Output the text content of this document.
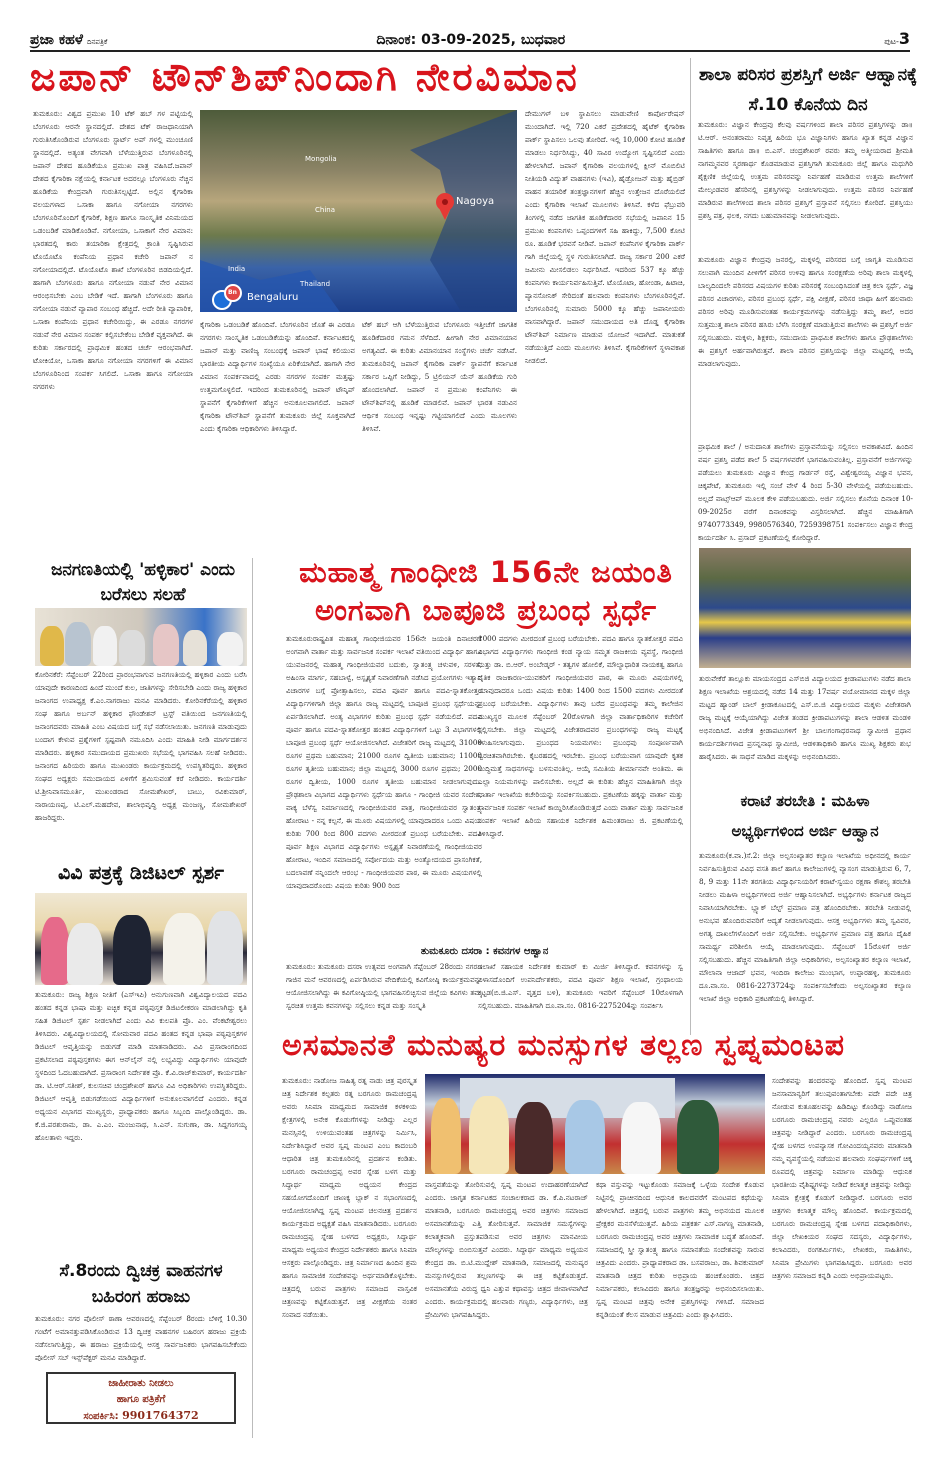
ಪ್ರಜಾ ಕಹಳೆ ದಿನಪತ್ರಿಕೆ	ದಿನಾಂಕ: 03-09-2025, ಬುಧವಾರ	ಪುಟ-3
ಜಪಾನ್ ಟೌನ್‌ಶಿಪ್‌ನಿಂದಾಗಿ ನೇರವಿಮಾನ	ಶಾಲಾ ಪರಿಸರ ಪ್ರಶಸ್ತಿಗೆ ಅರ್ಜಿ ಆಹ್ವಾನಕ್ಕೆ ಸೆ.10 ಕೊನೆಯ ದಿನ
ತುಮಕೂರು: ವಿಶ್ವದ ಪ್ರಮುಖ 10 ಟೆಕ್ ಹಬ್ ಗಳ ಪಟ್ಟಿಯಲ್ಲಿ ಬೆಂಗಳೂರು ಆರನೇ ಸ್ಥಾನದಲ್ಲಿದೆ. ದೇಶದ ಟೆಕ್ ರಾಜಧಾನಿಯಾಗಿ ಗುರುತಿಸಿಕೊಂಡಿರುವ ಬೆಂಗಳೂರು ಸ್ಟಾರ್ಟ್ ಅಪ್ ಗಳಲ್ಲಿ ಮುಂಚೂಣಿ ಸ್ಥಾನದಲ್ಲಿದೆ. ಅತ್ಯಂತ ವೇಗವಾಗಿ ಬೆಳೆಯುತ್ತಿರುವ ಬೆಂಗಳೂರಿನಲ್ಲಿ ಜಪಾನ್ ದೇಶದ ಹೂಡಿಕೆಯೂ ಪ್ರಮುಖ ಪಾತ್ರ ವಹಿಸಿದೆ.ಜಪಾನ್ ದೇಶದ ಕೈಗಾರಿಕಾ ನಕ್ಷೆಯಲ್ಲಿ ಕರ್ನಾಟಕ ಅದರಲ್ಲೂ ಬೆಂಗಳೂರು ನೆಚ್ಚಿನ ಹೂಡಿಕೆಯ ಕೇಂದ್ರವಾಗಿ ಗುರುತಿಸಲ್ಪಟ್ಟಿದೆ. ಅಲ್ಲಿನ ಕೈಗಾರಿಕಾ ವಲಯಗಳಾದ ಒಸಾಕಾ ಹಾಗೂ ನಗೋಯಾ ನಗರಗಳು ಬೆಂಗಳೂರಿನೊಂದಿಗೆ ಕೈಗಾರಿಕೆ, ಶಿಕ್ಷಣ ಹಾಗೂ ಸಾಂಸ್ಕೃತಿಕ ವಿನಿಮಯದ ಒಡಂಬಡಿಕೆ ಮಾಡಿಕೊಂಡಿವೆ. ನಗೋಯಾ, ಒಸಾಕಾಗೆ ನೇರ ವಿಮಾನ: ಭಾರತದಲ್ಲಿ ಕಾರು ತಯಾರಿಕಾ ಕ್ಷೇತ್ರದಲ್ಲಿ ಕ್ರಾಂತಿ ಸೃಷ್ಟಿಸಿರುವ ಟೊಯೊಟೊ ಕಂಪೆನಿಯ ಪ್ರಧಾನ ಕಚೇರಿ ಜಪಾನ್ ನ ನಗೋಯಾದಲ್ಲಿದೆ. ಟೊಯೊಟೊ ಶಾಖೆ ಬೆಂಗಳೂರಿನ ಬಿಡದಿಯಲ್ಲಿದೆ. ಹಾಗಾಗಿ ಬೆಂಗಳೂರು ಹಾಗೂ ನಗೋಯಾ ನಡುವೆ ನೇರ ವಿಮಾನ ಆರಂಭಿಸಬೇಕು ಎಂಬ ಬೇಡಿಕೆ ಇದೆ. ಹಾಗಾಗಿ ಬೆಂಗಳೂರು ಹಾಗೂ ನಗೋಯಾ ನಡುವೆ ವ್ಯಾಪಾರ ಸಂಬಂಧ ಹೆಚ್ಚಿದೆ. ಅದೇ ರೀತಿ ವ್ಯಾಪಾರಿಕ, ಒಸಾಕಾ ಕಂಪೆನಿಯ ಪ್ರಧಾನ ಕಚೇರಿಯಿದ್ದು, ಈ ಎರಡೂ ನಗರಗಳ ನಡುವೆ ನೇರ ವಿಮಾನ ಸಂಪರ್ಕ ಕಲ್ಪಿಸಬೇಕೆಂಬ ಬೇಡಿಕೆ ವ್ಯಕ್ತವಾಗಿದೆ. ಈ ಕುರಿತು ಸರ್ಕಾರದಲ್ಲಿ ಪ್ರಾಥಮಿಕ ಹಂತದ ಚರ್ಚೆ ಆರಂಭವಾಗಿದೆ. ಟೋಕಿಯೋ, ಒಸಾಕಾ ಹಾಗೂ ನಗೋಯಾ ನಗರಗಳಿಗೆ ಈ ವಿಮಾನ ಬೆಂಗಳೂರಿನಿಂದ ಸಂಪರ್ಕ ಸಿಗಲಿದೆ. ಒಸಾಕಾ ಹಾಗೂ ನಗೋಯಾ ನಗರಗಳು
Mongolia
China
India
Thailand
Bn Bengaluru
Nagoya
ಕೈಗಾರಿಕಾ ಒಡಂಬಡಿಕೆ ಹೊಂದಿವೆ. ಬೆಂಗಳೂರಿನ ಜೊತೆ ಈ ಎರಡೂ ನಗರಗಳು ಸಾಂಸ್ಕೃತಿಕ ಒಡಂಬಡಿಕೆಯನ್ನು ಹೊಂದಿವೆ. ಕರ್ನಾಟಕದಲ್ಲಿ ಜಪಾನ್ ಮತ್ತು ವಾಣಿಜ್ಯ ಸಂಬಂಧಕ್ಕೆ ಜಪಾನ್ ಭಾಷೆ ಕಲಿಯುವ ಭಾರತೀಯ ವಿದ್ಯಾರ್ಥಿಗಳ ಸಂಖ್ಯೆಯೂ ಏರಿಕೆಯಾಗಿದೆ. ಹಾಗಾಗಿ ನೇರ ವಿಮಾನ ಸಂಪರ್ಕವಾದಲ್ಲಿ ಎರಡು ನಗರಗಳ ಸಂಪರ್ಕ ಮತ್ತಷ್ಟು ಉತ್ತಮಗೊಳ್ಳಲಿದೆ. ಇದರಿಂದ ತುಮಕೂರಿನಲ್ಲಿ ಜಪಾನ್ ಟೌನ್ಶಿಪ್ ಸ್ಥಾಪನೆಗೆ ಕೈಗಾರಿಕೆಗಳಿಗೆ ಹೆಚ್ಚಿನ ಅನುಕೂಲವಾಗಲಿದೆ. ಜಪಾನ್ ಕೈಗಾರಿಕಾ ಟೌನ್‌ಶಿಪ್ ಸ್ಥಾಪನೆಗೆ ತುಮಕೂರು ಜಿಲ್ಲೆ ಸೂಕ್ತವಾಗಿದೆ ಎಂದು ಕೈಗಾರಿಕಾ ಆಧಿಕಾರಿಗಳು ತಿಳಿಸಿದ್ದಾರೆ.
ಟೆಕ್ ಹಬ್ ಆಗಿ ಬೆಳೆಯುತ್ತಿರುವ ಬೆಂಗಳೂರು ಇತ್ತೀಚೆಗೆ ಜಾಗತಿಕ ಹೂಡಿಕೆದಾರರ ಗಮನ ಸೆಳೆದಿದೆ. ಹೀಗಾಗಿ ನೇರ ವಿಮಾನಯಾನ ಅಗತ್ಯವಿದೆ. ಈ ಕುರಿತು ವಿಮಾನಯಾನ ಸಂಸ್ಥೆಗಳು ಚರ್ಚೆ ನಡೆಸಿವೆ. ತುಮಕೂರಿನಲ್ಲಿ ಜಪಾನ್ ಕೈಗಾರಿಕಾ ಪಾರ್ಕ್ ಸ್ಥಾಪನೆಗೆ ಕರ್ನಾಟಕ ಸರ್ಕಾರ ಒಪ್ಪಿಗೆ ನೀಡಿದ್ದು, 5 ಟ್ರಿಲಿಯನ್ ಯೆನ್ ಹೂಡಿಕೆಯ ಗುರಿ ಹೊಂದಲಾಗಿದೆ. ಜಪಾನ್ ನ ಪ್ರಮುಖ ಕಂಪೆನಿಗಳು ಈ ಟೌನ್‌ಶಿಪ್‌ನಲ್ಲಿ ಹೂಡಿಕೆ ಮಾಡಲಿವೆ. ಜಪಾನ್ ಭಾರತ ನಡುವಿನ ಆರ್ಥಿಕ ಸಂಬಂಧ ಇನ್ನಷ್ಟು ಗಟ್ಟಿಯಾಗಲಿದೆ ಎಂದು ಮೂಲಗಳು ತಿಳಿಸಿವೆ.
ದೇಮುಗಳ್ ಬಳಿ ಸ್ಥಾಪಿಸಲು ಮಾಡುವೇಣಿ ಕಾರ್ಪೋರೇಷನ್ ಮುಂದಾಗಿದೆ. ಇಲ್ಲಿ 720 ಎಕರೆ ಪ್ರದೇಶದಲ್ಲಿ ಹೈಟೆಕ್ ಕೈಗಾರಿಕಾ ಪಾರ್ಕ್ ಸ್ಥಾಪಿಸಲು ಒಲವು ತೋರಿದೆ. ಇಲ್ಲಿ 10,000 ಕೋಟಿ ಹೂಡಿಕೆ ಮಾಡಲು ನಿರ್ಧರಿಸಿದ್ದು, 40 ಸಾವಿರ ಉದ್ಯೋಗ ಸೃಷ್ಟಿಸಲಿದೆ ಎಂದು ಹೇಳಲಾಗಿದೆ. ಜಪಾನ್ ಕೈಗಾರಿಕಾ ವಲಯಗಳಲ್ಲಿ ಕ್ಲೀನ್ ಮೊಬಿಲಿಟಿ ನೀತಿಯಡಿ ವಿದ್ಯುತ್ ವಾಹನಗಳು (ಇವಿ), ಹೈಡ್ರೋಜನ್ ಮತ್ತು ಹೈಬ್ರಿಡ್ ವಾಹನ ತಯಾರಿಕೆ ತಂತ್ರಜ್ಞಾನಗಳಿಗೆ ಹೆಚ್ಚಿನ ಉತ್ತೇಜನ ದೊರೆಯಲಿದೆ ಎಂದು ಕೈಗಾರಿಕಾ ಇಲಾಖೆ ಮೂಲಗಳು ತಿಳಿಸಿವೆ. ಕಳೆದ ಫೆಬ್ರುವರಿ ತಿಂಗಳಲ್ಲಿ ನಡೆದ ಜಾಗತಿಕ ಹೂಡಿಕೆದಾರರ ಸಭೆಯಲ್ಲಿ ಜಪಾನಿನ 15 ಪ್ರಮುಖ ಕಂಪನಿಗಳು ಒಪ್ಪಂದಗಳಿಗೆ ಸಹಿ ಹಾಕಿದ್ದು, 7,500 ಕೋಟಿ ರೂ. ಹೂಡಿಕೆ ಭರವಸೆ ನೀಡಿವೆ. ಜಪಾನ್ ಕಂಪೆನಿಗಳ ಕೈಗಾರಿಕಾ ಪಾರ್ಕ್ ಗಾಗಿ ಜಿಲ್ಲೆಯಲ್ಲಿ ಸ್ಥಳ ಗುರುತಿಸಲಾಗಿದೆ. ರಾಜ್ಯ ಸರ್ಕಾರ 200 ಎಕರೆ ಜಮೀನು ಮೀಸಲಿಡಲು ನಿರ್ಧರಿಸಿದೆ. ಇದರಿಂದ 537 ಕ್ಕೂ ಹೆಚ್ಚು ಕಂಪನಿಗಳು ಕಾರ್ಯನಿರ್ವಹಿಸುತ್ತಿವೆ. ಟೊಯೊಟಾ, ಹೋಂಡಾ, ಹಿಟಾಚಿ, ಪ್ಯಾನಸೋನಿಕ್ ಸೇರಿದಂತೆ ಹಲವಾರು ಕಂಪನಿಗಳು ಬೆಂಗಳೂರಿನಲ್ಲಿವೆ. ಬೆಂಗಳೂರಿನಲ್ಲಿ ಸುಮಾರು 5000 ಕ್ಕೂ ಹೆಚ್ಚು ಜಪಾನೀಯರು ವಾಸವಾಗಿದ್ದಾರೆ. ಜಪಾನ್ ಸಮುದಾಯದ ಅತಿ ದೊಡ್ಡ ಕೈಗಾರಿಕಾ ಟೌನ್‌ಶಿಪ್ ನಿರ್ಮಾಣ ಮಾಡುವ ಯೋಜನೆ ಇದಾಗಿದೆ. ಮಾತುಕತೆ ನಡೆಯುತ್ತಿದೆ ಎಂದು ಮೂಲಗಳು ತಿಳಿಸಿವೆ. ಕೈಗಾರಿಕೆಗಳಿಗೆ ಸ್ಥಳಾವಕಾಶ ನೀಡಲಿದೆ.
ತುಮಕೂರು: ವಿಜ್ಞಾನ ಕೇಂದ್ರವು ಕೆಲವು ವರ್ಷಗಳಿಂದ ಶಾಲಾ ಪರಿಸರ ಪ್ರಶಸ್ತಿಗಳನ್ನು ಡಾ॥ ಟಿ.ಆರ್. ಅನಂತರಾಮು ನಿವೃತ್ತ ಹಿರಿಯ ಭೂ ವಿಜ್ಞಾನಿಗಳು ಹಾಗೂ ಖ್ಯಾತ ಕನ್ನಡ ವಿಜ್ಞಾನ ಸಾಹಿತಿಗಳು ಹಾಗೂ ಡಾ॥ ಬಿ.ಎಸ್. ಚಂದ್ರಶೇಖರ್ ರವರು ತಮ್ಮ ಅತ್ಮೀಯರಾದ ಶ್ರೀಮತಿ ನಾಗಮ್ಮನವರ ಸ್ಮರಣಾರ್ಥ ಕೊಡಮಾಡುವ ಪ್ರಶಸ್ತಿಗಾಗಿ ತುಮಕೂರು ಜಿಲ್ಲೆ ಹಾಗೂ ಮಧುಗಿರಿ ಶೈಕ್ಷಣಿಕ ಜಿಲ್ಲೆಯಲ್ಲಿ ಉತ್ತಮ ಪರಿಸರವನ್ನು ನಿರ್ವಹಣೆ ಮಾಡಿರುವ ಉತ್ತಮ ಶಾಲೆಗಳಿಗೆ ಮೇಲ್ಕಂಡವರ ಹೆಸರಿನಲ್ಲಿ ಪ್ರಶಸ್ತಿಗಳನ್ನು ನೀಡಲಾಗುವುದು. ಉತ್ತಮ ಪರಿಸರ ನಿರ್ವಹಣೆ ಮಾಡಿರುವ ಶಾಲೆಗಳಿಂದ ಶಾಲಾ ಪರಿಸರ ಪ್ರಶಸ್ತಿಗೆ ಪ್ರಸ್ತಾವನೆ ಸಲ್ಲಿಸಲು ಕೋರಿದೆ. ಪ್ರಶಸ್ತಿಯು ಪ್ರಶಸ್ತಿ ಪತ್ರ, ಫಲಕ, ನಗದು ಬಹುಮಾನವನ್ನು ನೀಡಲಾಗುವುದು.
ತುಮಕೂರು ವಿಜ್ಞಾನ ಕೇಂದ್ರವು ಜನರಲ್ಲಿ, ಮಕ್ಕಳಲ್ಲಿ ಪರಿಸರದ ಬಗ್ಗೆ ಜಾಗೃತಿ ಮೂಡಿಸುವ ಸಲುವಾಗಿ ಮುಂದಿನ ಪೀಳಿಗೆಗೆ ಪರಿಸರ ಉಳಿವು ಹಾಗೂ ಸಂರಕ್ಷಣೆಯ ಅರಿವು ಶಾಲಾ ಮಕ್ಕಳಲ್ಲಿ ಬಾಲ್ಯದಿಂದಲೇ ಪರಿಸರದ ವಿಷಯಗಳ ಕುರಿತು ಪರಿಸರಕ್ಕೆ ಸಂಬಂಧಿಸಿದಂತೆ ಚಿತ್ರ ಕಲಾ ಸ್ಪರ್ಧೆ, ವಿಜ್ಞ ಪರಿಸರ ವಿಚಾರಗಳು, ಪರಿಸರ ಪ್ರಬಂಧ ಸ್ಪರ್ಧೆ, ಪಕ್ಷಿ ವೀಕ್ಷಣೆ, ಪರಿಸರ ಜಾಥಾ ಹೀಗೆ ಹಲವಾರು ಪರಿಸರ ಅರಿವು ಮೂಡಿಸುವಂತಹ ಕಾರ್ಯಕ್ರಮಗಳನ್ನು ನಡೆಸುತ್ತಿದ್ದು ತಮ್ಮ ಶಾಲೆ, ಅದರ ಸುತ್ತಮುತ್ತ ಶಾಲಾ ಪರಿಸರ ಹಸಿರು ಬೆಳೆಸಿ ಸಂರಕ್ಷಣೆ ಮಾಡುತ್ತಿರುವ ಶಾಲೆಗಳು ಈ ಪ್ರಶಸ್ತಿಗೆ ಅರ್ಜಿ ಸಲ್ಲಿಸಬಹುದು. ಮಕ್ಕಳು, ಶಿಕ್ಷಕರು, ಸಮುದಾಯ ಪ್ರಾಥಮಿಕ ಶಾಲೆಗಳು ಹಾಗೂ ಪ್ರೌಢಶಾಲೆಗಳು ಈ ಪ್ರಶಸ್ತಿಗೆ ಅರ್ಹವಾಗಿರುತ್ತವೆ. ಶಾಲಾ ಪರಿಸರ ಪ್ರಶಸ್ತಿಯನ್ನು ಜಿಲ್ಲಾ ಮಟ್ಟದಲ್ಲಿ ಆಯ್ಕೆ ಮಾಡಲಾಗುವುದು.
ಪ್ರಾಥಮಿಕ ಶಾಲೆ / ಅನುದಾನಿತ ಶಾಲೆಗಳು ಪ್ರಸ್ತಾವನೆಯನ್ನು ಸಲ್ಲಿಸಲು ಅವಕಾಶವಿದೆ. ಹಿಂದಿನ ವರ್ಷ ಪ್ರಶಸ್ತಿ ಪಡೆದ ಶಾಲೆ 5 ವರ್ಷಗಳವರೆಗೆ ಭಾಗವಹಿಸುವಂತಿಲ್ಲ. ಪ್ರಸ್ತಾವನೆಗೆ ಅರ್ಜಿಗಳನ್ನು ಪಡೆಯಲು ತುಮಕೂರು ವಿಜ್ಞಾನ ಕೇಂದ್ರ ಗಾರ್ಡನ್ ರಸ್ತೆ, ವಿಶ್ವೇಶ್ವರಯ್ಯ ವಿಜ್ಞಾನ ಭವನ, ಚಿಕ್ಕಪೇಟೆ, ತುಮಕೂರು ಇಲ್ಲಿ ಸಂಜೆ ವೇಳೆ 4 ರಿಂದ 5-30 ವೇಳೆಯಲ್ಲಿ ಪಡೆಯಬಹುದು. ಅಲ್ಲದೆ ವಾಟ್ಸ್‌ಆಪ್ ಮೂಲಕ ಕೇಳಿ ಪಡೆಯಬಹುದು. ಅರ್ಜಿ ಸಲ್ಲಿಸಲು ಕೊನೆಯ ದಿನಾಂಕ 10-09-2025ರ ವರೆಗೆ ದಿನಾಂಕವನ್ನು ವಿಸ್ತರಿಸಲಾಗಿದೆ. ಹೆಚ್ಚಿನ ಮಾಹಿತಿಗಾಗಿ 9740773349, 9980576340, 7259398751 ಸಂಪರ್ಕಿಸಲು ವಿಜ್ಞಾನ ಕೇಂದ್ರ ಕಾರ್ಯದರ್ಶಿ ಸಿ. ಪ್ರಸಾದ್ ಪ್ರಕಟಣೆಯಲ್ಲಿ ಕೋರಿದ್ದಾರೆ.
ಜನಗಣತಿಯಲ್ಲಿ 'ಹಳ್ಳಿಕಾರ' ಎಂದು ಬರೆಸಲು ಸಲಹೆ
ಕೋರಿನಕೆರೆ: ಸೆಪ್ಟೆಂಬರ್ 22ರಿಂದ ಪ್ರಾರಂಭವಾಗುವ ಜನಗಣತಿಯಲ್ಲಿ ಹಳ್ಳಿಕಾರ ಎಂದು ಬರೆಸಿ ಯಾವುದೇ ಕಾರಣದಿಂದ ಹಿಂದೆ ಮುಂದೆ ಕುಲ, ಜಾತಿಗಳನ್ನು ಸೇರಿಸಬೇಡಿ ಎಂದು ರಾಜ್ಯ ಹಳ್ಳಿಕಾರ ಜನಾಂಗದ ಉಪಾಧ್ಯಕ್ಷ ಕೆ.ಎಂ.ನಾಗರಾಜು ಮನವಿ ಮಾಡಿದರು. ಕೋರಿನಕೆರೆಯಲ್ಲಿ ಹಳ್ಳಿಕಾರ ಸಂಘ ಹಾಗೂ ಅರ್ಬನ್ ಹಳ್ಳಿಕಾರ ಫೌಂಡೇಶನ್ ಟ್ರಸ್ಟ್ ವತಿಯಿಂದ ಜನಗಣತಿಯಲ್ಲಿ ಜನಾಂಗದವರು ಮಾಹಿತಿ ಎಂಬ ವಿಷಯದ ಬಗ್ಗೆ ಸಭೆ ನಡೆಸಲಾಯಿತು. ಜನಗಣತಿ ಮಾಡುವುದು ಬಂದಾಗ ಕೇಳುವ ಪ್ರಶ್ನೆಗಳಿಗೆ ಸ್ಪಷ್ಟವಾಗಿ ನಮೂದಿಸಿ ಎಂದು ಮಾಹಿತಿ ನೀಡಿ ಮಾರ್ಗದರ್ಶನ ಮಾಡಿದರು. ಹಳ್ಳಿಕಾರ ಸಮುದಾಯದ ಪ್ರಮುಖರು ಸಭೆಯಲ್ಲಿ ಭಾಗವಹಿಸಿ ಸಲಹೆ ನೀಡಿದರು. ಜನಾಂಗದ ಹಿರಿಯರು ಹಾಗೂ ಮುಖಂಡರು ಕಾರ್ಯಕ್ರಮದಲ್ಲಿ ಉಪಸ್ಥಿತರಿದ್ದರು. ಹಳ್ಳಿಕಾರ ಸಂಘದ ಅಧ್ಯಕ್ಷರು ಸಮುದಾಯದ ಏಳಿಗೆಗೆ ಶ್ರಮಿಸುವಂತೆ ಕರೆ ನೀಡಿದರು. ಕಾರ್ಯದರ್ಶಿ ಟಿ.ಶ್ರೀನಿವಾಸಮೂರ್ತಿ, ಮುಖಂಡರಾದ ಸೋಮಶೇಖರ್, ಬಾಬು, ರವಿಕುಮಾರ್, ನಾರಾಯಣಪ್ಪ, ಟಿ.ಎಲ್.ಮಹದೇವ, ಶಾಲಾಭಿವೃದ್ಧಿ ಅಧ್ಯಕ್ಷ ಮಂಜಣ್ಣ, ಸೋಮಶೇಖರ್ ಹಾಜರಿದ್ದರು.
ವಿವಿ ಪತ್ರಕ್ಕೆ ಡಿಜಿಟಲ್ ಸ್ಪರ್ಶ
ತುಮಕೂರು: ರಾಜ್ಯ ಶಿಕ್ಷಣ ನೀತಿಗೆ (ಎಸ್‌ಇಪಿ) ಅನುಗುಣವಾಗಿ ವಿಶ್ವವಿದ್ಯಾಲಯದ ಪದವಿ ಹಂತದ ಕನ್ನಡ ಭಾಷಾ ಮತ್ತು ಐಚ್ಛಿಕ ಕನ್ನಡ ಪಠ್ಯಪುಸ್ತಕ ಡಿಜಿಟಲೀಕರಣ ಮಾಡಲಾಗಿದ್ದು ಕೃತಿ ಸಹಿತ ಡಿಜಿಟಲ್ ಸ್ಪರ್ಶ ನೀಡಲಾಗಿದೆ ಎಂದು ವಿವಿ ಕುಲಪತಿ ಪ್ರೊ. ಎಂ. ವೆಂಕಟೇಶ್ವರಲು ತಿಳಿಸಿದರು. ವಿಶ್ವವಿದ್ಯಾಲಯದಲ್ಲಿ ಸೋಮವಾರ ಪದವಿ ಹಂತದ ಕನ್ನಡ ಭಾಷಾ ಪಠ್ಯಪುಸ್ತಕಗಳ ಡಿಜಿಟಲ್ ಆವೃತ್ತಿಯನ್ನು ಬಿಡುಗಡೆ ಮಾಡಿ ಮಾತನಾಡಿದರು. ವಿವಿ ಪ್ರಸಾರಾಂಗದಿಂದ ಪ್ರಕಟಿಸಲಾದ ಪಠ್ಯಪುಸ್ತಕಗಳು ಈಗ ಆನ್‌ಲೈನ್ ನಲ್ಲಿ ಲಭ್ಯವಿದ್ದು ವಿದ್ಯಾರ್ಥಿಗಳು ಯಾವುದೇ ಸ್ಥಳದಿಂದ ಓದಬಹುದಾಗಿದೆ. ಪ್ರಸಾರಾಂಗ ನಿರ್ದೇಶಕ ಪ್ರೊ. ಕೆ.ವಿ.ರಾಜ್‌ಕುಮಾರ್, ಕಾರ್ಯದರ್ಶಿ ಡಾ. ಟಿ.ಆರ್.ಸತೀಶ್, ಕುಲಸಚಿವ ಚಂದ್ರಶೇಖರ್ ಹಾಗೂ ವಿವಿ ಅಧಿಕಾರಿಗಳು ಉಪಸ್ಥಿತರಿದ್ದರು. ಡಿಜಿಟಲ್ ಆವೃತ್ತಿ ಬಿಡುಗಡೆಯಿಂದ ವಿದ್ಯಾರ್ಥಿಗಳಿಗೆ ಅನುಕೂಲವಾಗಲಿದೆ ಎಂದರು. ಕನ್ನಡ ಅಧ್ಯಯನ ವಿಭಾಗದ ಮುಖ್ಯಸ್ಥರು, ಪ್ರಾಧ್ಯಾಪಕರು ಹಾಗೂ ಸಿಬ್ಬಂದಿ ಪಾಲ್ಗೊಂಡಿದ್ದರು. ಡಾ. ಕೆ.ಜಿ.ಪರಶುರಾಮ, ಡಾ. ಎ.ಎಂ. ಮಂಜುನಾಥ, ಸಿ.ಎನ್. ಸುಗುಣಾ, ಡಾ. ಸಿದ್ದಗಂಗಯ್ಯ ಹೊಲತಾಳು ಇದ್ದರು.
ಸೆ.8ರಂದು ದ್ವಿಚಕ್ರ ವಾಹನಗಳ ಬಹಿರಂಗ ಹರಾಜು
ತುಮಕೂರು: ನಗರ ಪೊಲೀಸ್ ಠಾಣಾ ಆವರಣದಲ್ಲಿ ಸೆಪ್ಟೆಂಬರ್ 8ರಂದು ಬೆಳಿಗ್ಗೆ 10.30 ಗಂಟೆಗೆ ಅಮಾನತ್ತುಪಡಿಸಿಕೊಂಡಿರುವ 13 ದ್ವಿಚಕ್ರ ವಾಹನಗಳ ಬಹಿರಂಗ ಹರಾಜು ಪ್ರಕ್ರಿಯೆ ನಡೆಸಲಾಗುತ್ತಿದ್ದು, ಈ ಹರಾಜು ಪ್ರಕ್ರಿಯೆಯಲ್ಲಿ ಆಸಕ್ತ ಸಾರ್ವಜನಿಕರು ಭಾಗವಹಿಸಬೇಕೆಂದು ಪೊಲೀಸ್ ಸಬ್ ಇನ್ಸ್‌ಪೆಕ್ಟರ್ ಮನವಿ ಮಾಡಿದ್ದಾರೆ.
ಜಾಹೀರಾತು ನೀಡಲು
ಹಾಗೂ ಪತ್ರಿಕೆಗೆ
ಸಂಪರ್ಕಿಸಿ: 9901764372
ಮಹಾತ್ಮ ಗಾಂಧೀಜಿ 156ನೇ ಜಯಂತಿ
ಅಂಗವಾಗಿ ಬಾಪೂಜಿ ಪ್ರಬಂಧ ಸ್ಪರ್ಧೆ
ತುಮಕೂರುರಾಷ್ಟ್ರಪಿತ ಮಹಾತ್ಮ ಗಾಂಧೀಜಿಯವರ 156ನೇ ಜಯಂತಿ ದಿನಾಚರಣೆ ಅಂಗವಾಗಿ ವಾರ್ತಾ ಮತ್ತು ಸಾರ್ವಜನಿಕ ಸಂಪರ್ಕ ಇಲಾಖೆ ವತಿಯಿಂದ ವಿದ್ಯಾರ್ಥಿ ಹಾಗೂ ಯುವಜನರಲ್ಲಿ ಮಹಾತ್ಮ ಗಾಂಧೀಜಿಯವರ ಬದುಕು, ಸ್ವಾತಂತ್ರ್ಯ ಚಳುವಳಿ, ಸರಳತೆ, ಅಹಿಂಸಾ ಮಾರ್ಗ, ಸಹಬಾಳ್ವೆ, ಅಸ್ಪೃಶ್ಯತೆ ನಿವಾರಣೆಗಾಗಿ ನಡೆಸಿದ ಪ್ರಯೋಗಗಳು ಇತ್ಯಾದಿ ವಿಚಾರಗಳ ಬಗ್ಗೆ ಪ್ರೋತ್ಸಾಹಿಸಲು, ಪದವಿ ಪೂರ್ವ ಹಾಗೂ ಪದವಿ-ಸ್ನಾತಕೋತ್ತರ ವಿದ್ಯಾರ್ಥಿಗಳಿಗಾಗಿ ಜಿಲ್ಲಾ ಹಾಗೂ ರಾಜ್ಯ ಮಟ್ಟದಲ್ಲಿ ಬಾಪೂಜಿ ಪ್ರಬಂಧ ಸ್ಪರ್ಧೆಯನ್ನು ಏರ್ಪಡಿಸಲಾಗಿದೆ. ಅಂತ್ಯ ವಿಭಾಗಗಳ ಕುರಿತು ಪ್ರಬಂಧ ಸ್ಪರ್ಧೆ ನಡೆಯಲಿದೆ. ಪದವಿ ಪೂರ್ವ ಹಾಗೂ ಪದವಿ-ಸ್ನಾತಕೋತ್ತರ ಹಂತದ ವಿದ್ಯಾರ್ಥಿಗಳಿಗೆ ಒಟ್ಟು 3 ವಿಭಾಗಗಳಲ್ಲಿ ಬಾಪೂಜಿ ಪ್ರಬಂಧ ಸ್ಪರ್ಧೆ ಆಯೋಜಿಸಲಾಗಿದೆ. ವಿಜೇತರಿಗೆ ರಾಜ್ಯ ಮಟ್ಟದಲ್ಲಿ 31000 ರೂಗಳ ಪ್ರಥಮ ಬಹುಮಾನ; 21000 ರೂಗಳ ದ್ವಿತೀಯ ಬಹುಮಾನ; 11000 ರೂಗಳ ತೃತೀಯ ಬಹುಮಾನ; ಜಿಲ್ಲಾ ಮಟ್ಟದಲ್ಲಿ 3000 ರೂಗಳ ಪ್ರಥಮ; 2000 ರೂಗಳ ದ್ವಿತೀಯ, 1000 ರೂಗಳ ತೃತೀಯ ಬಹುಮಾನ ನೀಡಲಾಗುವುದು. ಪ್ರೌಢಶಾಲಾ ವಿಭಾಗದ ವಿದ್ಯಾರ್ಥಿಗಳು ಸ್ಪರ್ಧೆಯ ಹಾಗೂ - ಗಾಂಧೀಜಿ ಯವರ ಸಂದೇಶ, ವಾಕ್ಯ ಬೆಳೆಸ್ವ ನಿರ್ಮಾಣದಲ್ಲಿ ಗಾಂಧೀಜಿಯವರ ಪಾತ್ರ, ಗಾಂಧೀಜಿಯವರ ಸ್ವಾತಂತ್ರ್ಯ ಹೋರಾಟ - ನನ್ನ ಕಲ್ಪನೆ, ಈ ಮೂರು ವಿಷಯಗಳಲ್ಲಿ ಯಾವುದಾದರೂ ಒಂದು ವಿಷಯ ಕುರಿತು 700 ರಿಂದ 800 ಪದಗಳು ಮೀರದಂತೆ ಪ್ರಬಂಧ ಬರೆಯಬೇಕು. ಪದವಿ ಪೂರ್ವ ಶಿಕ್ಷಣ ವಿಭಾಗದ ವಿದ್ಯಾರ್ಥಿಗಳು ಅಸ್ಪೃಶ್ಯತೆ ನಿವಾರಣೆಯಲ್ಲಿ ಗಾಂಧೀಜಿಯವರ ಹೋರಾಟ, ಇಂದಿನ ಸಮಾಜದಲ್ಲಿ ಸರ್ವೋದಯ ಮತ್ತು ಅಂತ್ಯೋದಯದ ಪ್ರಾಸಂಗಿಕತೆ, ಬದಲಾವಣೆ ನನ್ನಿಂದಲೇ ಆರಂಭ - ಗಾಂಧೀಜಿಯವರ ಪಾಠ, ಈ ಮೂರು ವಿಷಯಗಳಲ್ಲಿ ಯಾವುದಾದರೊಂದು ವಿಷಯ ಕುರಿತು 900 ರಿಂದ
1000 ಪದಗಳು ಮೀರದಂತೆ ಪ್ರಬಂಧ ಬರೆಯಬೇಕು. ಪದವಿ ಹಾಗೂ ಸ್ನಾತಕೋತ್ತರ ಪದವಿ ವಿಭಾಗದ ವಿದ್ಯಾರ್ಥಿಗಳು ಗಾಂಧೀಜಿ ಕಂಡ ನ್ಯಾಯ ಸಮ್ಮತ ರಾಜಕೀಯ ವ್ಯವಸ್ಥೆ, ಗಾಂಧೀಜಿ ಮತ್ತು ಡಾ. ಬಿ.ಆರ್. ಅಂಬೇಡ್ಕರ್ - ತತ್ವಗಳ ಹೋಲಿಕೆ, ಮೌಲ್ಯಾಧಾರಿತ ನಾಯಕತ್ವ ಹಾಗೂ ನೈತಿಕ ರಾಜಕಾರಣ-ಯುವಕರಿಗೆ ಗಾಂಧೀಜಿಯವರ ಪಾಠ, ಈ ಮೂರು ವಿಷಯಗಳಲ್ಲಿ ಯಾವುದಾದರೂ ಒಂದು ವಿಷಯ ಕುರಿತು 1400 ರಿಂದ 1500 ಪದಗಳು ಮೀರದಂತೆ ಪ್ರಬಂಧ ಬರೆಯಬೇಕು. ವಿದ್ಯಾರ್ಥಿಗಳು ತಾವು ಬರೆದ ಪ್ರಬಂಧವನ್ನು ತಮ್ಮ ಕಾಲೇಜಿನ ಮುಖ್ಯಸ್ಥರ ಮೂಲಕ ಸೆಪ್ಟೆಂಬರ್ 20ರೊಳಗಾಗಿ ಜಿಲ್ಲಾ ವಾರ್ತಾಧಿಕಾರಿಗಳ ಕಚೇರಿಗೆ ಸಲ್ಲಿಸಬೇಕು. ಜಿಲ್ಲಾ ಮಟ್ಟದಲ್ಲಿ ವಿಜೇತರಾದವರ ಪ್ರಬಂಧಗಳನ್ನು ರಾಜ್ಯ ಮಟ್ಟಕ್ಕೆ ಕಳುಹಿಸಲಾಗುವುದು. ಪ್ರಬಂಧದ ನಿಯಮಗಳು: ಪ್ರಬಂಧವು ಸಂಪೂರ್ಣವಾಗಿ ಸ್ವರಚಿತವಾಗಿರಬೇಕು. ಕೈಬರಹದಲ್ಲಿ ಇರಬೇಕು. ಪ್ರಬಂಧ ಬರೆಯುವಾಗ ಯಾವುದೇ ಕೃತಕ ಬುದ್ಧಿಮತ್ತೆ ಸಾಧನಗಳನ್ನು ಬಳಸುವಂತಿಲ್ಲ. ಆಯ್ಕೆ ಸಮಿತಿಯ ತೀರ್ಮಾನವೇ ಅಂತಿಮ. ಈ ಎಲ್ಲಾ ನಿಯಮಗಳನ್ನು ಪಾಲಿಸಬೇಕು. ಅಲ್ಲದೆ ಈ ಕುರಿತು ಹೆಚ್ಚಿನ ಮಾಹಿತಿಗಾಗಿ ಜಿಲ್ಲಾ ವಾರ್ತಾ ಇಲಾಖೆಯ ಕಚೇರಿಯನ್ನು ಸಂಪರ್ಕಿಸಬಹುದು. ಪ್ರಕಟಣೆಯ ಹಕ್ಕನ್ನು ವಾರ್ತಾ ಮತ್ತು ಸಾರ್ವಜನಿಕ ಸಂಪರ್ಕ ಇಲಾಖೆ ಕಾಯ್ದಿರಿಸಿಕೊಂಡಿರುತ್ತದೆ ಎಂದು ವಾರ್ತಾ ಮತ್ತು ಸಾರ್ವಜನಿಕ ಸಂಪರ್ಕ ಇಲಾಖೆ ಹಿರಿಯ ಸಹಾಯಕ ನಿರ್ದೇಶಕ ಹಿಮಂತರಾಜು ಜಿ. ಪ್ರಕಟಣೆಯಲ್ಲಿ ತಿಳಿಸಿದ್ದಾರೆ.
ತುಮಕೂರು ದಸರಾ : ಕವನಗಳ ಆಹ್ವಾನ
ತುಮಕೂರು: ತುಮಕೂರು ದಸರಾ ಉತ್ಸವದ ಅಂಗವಾಗಿ ಸೆಪ್ಟೆಂಬರ್ 28ರಂದು ನಗರದ ಗಾಜಿನ ಮನೆ ಆವರಣದಲ್ಲಿ ಏರ್ಪಡಿಸಿರುವ ವೇದಿಕೆಯಲ್ಲಿ ಕವಿಗೋಷ್ಠಿ ಕಾರ್ಯಕ್ರಮವನ್ನು ಆಯೋಜಿಸಲಾಗಿದ್ದು ಈ ಕವಿಗೋಷ್ಠಿಯಲ್ಲಿ ಭಾಗವಹಿಸಲಿಚ್ಛಿಸುವ ಜಿಲ್ಲೆಯ ಕವಿಗಳು ತಮ್ಮ ಸ್ವರಚಿತ ಉತ್ತಮ ಕವನಗಳನ್ನು ಸಲ್ಲಿಸಲು ಕನ್ನಡ ಮತ್ತು ಸಂಸ್ಕೃತಿ
ಇಲಾಖೆ ಸಹಾಯಕ ನಿರ್ದೇಶಕ ಕುಮಾರ್ ಕು ಮಿರ್ಜಿ ತಿಳಿಸಿದ್ದಾರೆ. ಕವನಗಳನ್ನು ಸ್ವ ವಿಳಾಸದೊಂದಿಗೆ ಉಪನಿರ್ದೇಶಕರು, ಪದವಿ ಪೂರ್ವ ಶಿಕ್ಷಣ ಇಲಾಖೆ, ಗ್ರಂಥಾಲಯ ಕಟ್ಟಡ(ಬಿ.ಜಿ.ಎಸ್. ವೃತ್ತದ ಬಳಿ), ತುಮಕೂರು ಇವರಿಗೆ ಸೆಪ್ಟೆಂಬರ್ 10ರೊಳಗಾಗಿ ಸಲ್ಲಿಸಬಹುದು. ಮಾಹಿತಿಗಾಗಿ ದೂ.ವಾ.ಸಂ. 0816-2275204ನ್ನು ಸಂಪರ್ಕಿಸಿ
ತುರುವೇಕೆರೆ ತಾಲ್ಲೂಕು ಮಾಯಸಂದ್ರದ ಎಸ್‌ಬಿಜಿ ವಿದ್ಯಾಲಯದ ಕ್ರೀಡಾಪಟುಗಳು ನಡೆದ ಶಾಲಾ ಶಿಕ್ಷಣ ಇಲಾಖೆಯ ಆಶ್ರಯದಲ್ಲಿ ನಡೆದ 14 ಮತ್ತು 17ವರ್ಷ ವಯೋಮಾನದ ಮಕ್ಕಳ ಜಿಲ್ಲಾ ಮಟ್ಟದ ಹ್ಯಾಂಡ್ ಬಾಲ್ ಕ್ರೀಡಾಕೂಟದಲ್ಲಿ ಎಸ್.ಬಿ.ಜಿ ವಿದ್ಯಾಲಯದ ಮಕ್ಕಳು ವಿಜೇತರಾಗಿ ರಾಜ್ಯ ಮಟ್ಟಕ್ಕೆ ಆಯ್ಕೆಯಾಗಿದ್ದು ವಿಜೇತ ತಂಡದ ಕ್ರೀಡಾಪಟುಗಳನ್ನು ಶಾಲಾ ಆಡಳಿತ ಮಂಡಳಿ ಅಭಿನಂದಿಸಿದೆ. ವಿಜೇತ ಕ್ರೀಡಾಪಟುಗಳಿಗೆ ಶ್ರೀ ಬಾಲಗಂಗಾಧರನಾಥ ಸ್ವಾಮೀಜಿ ಪ್ರಧಾನ ಕಾರ್ಯದರ್ಶಿಗಳಾದ ಪ್ರಸನ್ನನಾಥ ಸ್ವಾಮೀಜಿ, ಆಡಳಿತಾಧಿಕಾರಿ ಹಾಗೂ ಮುಖ್ಯ ಶಿಕ್ಷಕರು ಶುಭ ಹಾರೈಸಿದರು. ಈ ಸಾಧನೆ ಮಾಡಿದ ಮಕ್ಕಳನ್ನು ಅಭಿನಂದಿಸಿದರು.
ಕರಾಟೆ ತರಬೇತಿ : ಮಹಿಳಾ
ಅಭ್ಯರ್ಥಿಗಳಿಂದ ಅರ್ಜಿ ಆಹ್ವಾನ
ತುಮಕೂರು(ಕ.ವಾ.)ಸೆ.2: ಜಿಲ್ಲಾ ಅಲ್ಪಸಂಖ್ಯಾತರ ಕಲ್ಯಾಣ ಇಲಾಖೆಯ ಅಧೀನದಲ್ಲಿ ಕಾರ್ಯ ನಿರ್ವಹಿಸುತ್ತಿರುವ ವಿವಿಧ ವಸತಿ ಶಾಲೆ ಹಾಗೂ ಕಾಲೇಜುಗಳಲ್ಲಿ ವ್ಯಾಸಂಗ ಮಾಡುತ್ತಿರುವ 6, 7, 8, 9 ಮತ್ತು 11ನೇ ತರಗತಿಯ ವಿದ್ಯಾರ್ಥಿನಿಯರಿಗೆ ಕರಾಟೆ-ಸ್ವಯಂ ರಕ್ಷಣಾ ಕೌಶಲ್ಯ ತರಬೇತಿ ನೀಡಲು ಮಹಿಳಾ ಅಭ್ಯರ್ಥಿಗಳಿಂದ ಅರ್ಜಿ ಆಹ್ವಾನಿಸಲಾಗಿದೆ. ಅಭ್ಯರ್ಥಿಗಳು ಕರ್ನಾಟಕ ರಾಜ್ಯದ ನಿವಾಸಿಯಾಗಿರಬೇಕು. ಬ್ಲ್ಯಾಕ್ ಬೆಲ್ಟ್ ಪ್ರಮಾಣ ಪತ್ರ ಹೊಂದಿರಬೇಕು. ತರಬೇತಿ ನೀಡುವಲ್ಲಿ ಅನುಭವ ಹೊಂದಿರುವವರಿಗೆ ಆದ್ಯತೆ ನೀಡಲಾಗುವುದು. ಆಸಕ್ತ ಅಭ್ಯರ್ಥಿಗಳು ತಮ್ಮ ಸ್ವವಿವರ, ಅಗತ್ಯ ದಾಖಲೆಗಳೊಂದಿಗೆ ಅರ್ಜಿ ಸಲ್ಲಿಸಬೇಕು. ಅಭ್ಯರ್ಥಿಗಳ ಪ್ರಮಾಣ ಪತ್ರ ಹಾಗೂ ದೈಹಿಕ ಸಾಮರ್ಥ್ಯ ಪರಿಶೀಲಿಸಿ ಆಯ್ಕೆ ಮಾಡಲಾಗುವುದು. ಸೆಪ್ಟೆಂಬರ್ 15ರೊಳಗೆ ಅರ್ಜಿ ಸಲ್ಲಿಸಬಹುದು. ಹೆಚ್ಚಿನ ಮಾಹಿತಿಗಾಗಿ ಜಿಲ್ಲಾ ಅಧಿಕಾರಿಗಳು, ಅಲ್ಪಸಂಖ್ಯಾತರ ಕಲ್ಯಾಣ ಇಲಾಖೆ, ಮೌಲಾನಾ ಆಜಾದ್ ಭವನ, ಇಂದಿರಾ ಕಾಲೇಜು ಮುಂಭಾಗ, ಉಪ್ಪಾರಹಳ್ಳಿ, ತುಮಕೂರು ದೂ.ವಾ.ಸಂ. 0816-2273724ನ್ನು ಸಂಪರ್ಕಿಸಬೇಕೆಂದು ಅಲ್ಪಸಂಖ್ಯಾತರ ಕಲ್ಯಾಣ ಇಲಾಖೆ ಜಿಲ್ಲಾ ಅಧಿಕಾರಿ ಪ್ರಕಟಣೆಯಲ್ಲಿ ತಿಳಿಸಿದ್ದಾರೆ.
ಅಸಮಾನತೆ ಮನುಷ್ಯರ ಮನಸ್ಸುಗಳ ತಲ್ಲಣ ಸ್ವಪ್ನಮಂಟಪ
ತುಮಕೂರು: ನಾಡೋಜ ಸಾಹಿತ್ಯ ರತ್ನ ನಾಡು ಚಿತ್ರ ಪುರಸ್ಕೃತ ಚಿತ್ರ ನಿರ್ದೇಶಕ ಕಲ್ಪತರು ರತ್ನ ಬರಗೂರು ರಾಮಚಂದ್ರಪ್ಪ ಅವರು ಸಿನಿಮಾ ಮಾಧ್ಯಮದ ಸಾಮಾಜಿಕ ಕಳಕಳಿಯ ಕ್ಷೇತ್ರಗಳಲ್ಲಿ ಅನೇಕ ಕೊಡುಗೆಗಳನ್ನು ನೀಡಿದ್ದು ಎಲ್ಲರ ಮನಸ್ಸಿನಲ್ಲಿ ಉಳಿಯುವಂತಹ ಚಿತ್ರಗಳನ್ನು ನಿರ್ಮಿಸಿ, ನಿರ್ದೇಶಿಸಿದ್ದಾರೆ ಅವರ ಸ್ವಪ್ನ ಮಂಟಪ ಎಂಬ ಕಾದಂಬರಿ ಆಧಾರಿತ ಚಿತ್ರ ತುಮಕೂರಿನಲ್ಲಿ ಪ್ರದರ್ಶನ ಕಂಡಿತು. ಬರಗೂರು ರಾಮಚಂದ್ರಪ್ಪ ಅವರ ಸ್ನೇಹ ಬಳಗ ಮತ್ತು ಸಿದ್ಧಾರ್ಥ ಮಾಧ್ಯಮ ಅಧ್ಯಯನ ಕೇಂದ್ರದ ಸಹಯೋಗದೊಂದಿಗೆ ಚಾಣಕ್ಯ ಬ್ಲಾಕ್ ನ ಸಭಾಂಗಣದಲ್ಲಿ ಆಯೋಜಿಸಲಾಗಿದ್ದ ಸ್ವಪ್ನ ಮಂಟಪ ಚಲನಚಿತ್ರ ಪ್ರದರ್ಶನ ಕಾರ್ಯಕ್ರಮದ ಅಧ್ಯಕ್ಷತೆ ವಹಿಸಿ ಮಾತನಾಡಿದರು. ಬರಗೂರು ರಾಮಚಂದ್ರಪ್ಪ ಸ್ನೇಹ ಬಳಗದ ಅಧ್ಯಕ್ಷರು, ಸಿದ್ಧಾರ್ಥ ಮಾಧ್ಯಮ ಅಧ್ಯಯನ ಕೇಂದ್ರದ ನಿರ್ದೇಶಕರು ಹಾಗೂ ಸಿನಿಮಾ ಆಸಕ್ತರು ಪಾಲ್ಗೊಂಡಿದ್ದರು. ಚಿತ್ರ ನಿರ್ಮಾಣದ ಹಿಂದಿನ ಶ್ರಮ ಹಾಗೂ ಸಾಮಾಜಿಕ ಸಂದೇಶವನ್ನು ಅರ್ಥಮಾಡಿಕೊಳ್ಳಬೇಕು. ಚಿತ್ರದಲ್ಲಿ ಬರುವ ಪಾತ್ರಗಳು ಸಮಾಜದ ವಾಸ್ತವಿಕ ಚಿತ್ರಣವನ್ನು ಕಟ್ಟಿಕೊಡುತ್ತವೆ. ಚಿತ್ರ ವೀಕ್ಷಣೆಯ ನಂತರ ಸಂವಾದ ನಡೆಯಿತು.
ವಾಸ್ತವತೆಯನ್ನು ತೋರಿಸುವಲ್ಲಿ ಸ್ವಪ್ನ ಮಂಟಪ ಉದಾಹರಣೆಯಾಗಿದೆ ಎಂದರು. ಜಾಗೃತ ಕರ್ನಾಟಕದ ಸಂಚಾಲಕರಾದ ಡಾ. ಕೆ.ಪಿ.ನಟರಾಜ್ ಮಾತನಾಡಿ, ಬರಗೂರು ರಾಮಚಂದ್ರಪ್ಪ ಅವರ ಚಿತ್ರಗಳು ಸಮಾಜದ ಅಸಮಾನತೆಯನ್ನು ಎತ್ತಿ ತೋರಿಸುತ್ತವೆ. ಸಾಮಾಜಿಕ ಸಮಸ್ಯೆಗಳನ್ನು ಕಲಾತ್ಮಕವಾಗಿ ಪ್ರಸ್ತುತಪಡಿಸುವ ಅವರ ಚಿತ್ರಗಳು ಮಾನವೀಯ ಮೌಲ್ಯಗಳನ್ನು ಬಿಂಬಿಸುತ್ತವೆ ಎಂದರು. ಸಿದ್ಧಾರ್ಥ ಮಾಧ್ಯಮ ಅಧ್ಯಯನ ಕೇಂದ್ರದ ಡಾ. ಬಿ.ಟಿ.ಮುದ್ದೇಶ್ ಮಾತನಾಡಿ, ಸಮಾಜದಲ್ಲಿ ಮನುಷ್ಯರ ಮನಸ್ಸುಗಳಲ್ಲಿರುವ ತಲ್ಲಣಗಳನ್ನು ಈ ಚಿತ್ರ ಕಟ್ಟಿಕೊಡುತ್ತದೆ. ಅಸಮಾನತೆಯ ವಿರುದ್ಧ ಧ್ವನಿ ಎತ್ತುವ ಕಥಾವಸ್ತು ಚಿತ್ರದ ಜೀವಾಳವಾಗಿದೆ ಎಂದರು. ಕಾರ್ಯಕ್ರಮದಲ್ಲಿ ಹಲವಾರು ಗಣ್ಯರು, ವಿದ್ಯಾರ್ಥಿಗಳು, ಚಿತ್ರ ಪ್ರೇಮಿಗಳು ಭಾಗವಹಿಸಿದ್ದರು.
ಕಥಾ ವಸ್ತುವನ್ನು ಇಟ್ಟುಕೊಂಡು ಸಮಾಜಕ್ಕೆ ಒಳ್ಳೆಯ ಸಂದೇಶ ಕೊಡುವ ನಿಟ್ಟಿನಲ್ಲಿ ಪ್ರಾಚೀನದಿಂದ ಆಧುನಿಕ ಕಾಲದವರೆಗೆ ಮಂಟಪದ ಕಥೆಯನ್ನು ಹೇಳಲಾಗಿದೆ. ಚಿತ್ರದಲ್ಲಿ ಬರುವ ಪಾತ್ರಗಳು ತಮ್ಮ ಅಭಿನಯದ ಮೂಲಕ ಪ್ರೇಕ್ಷಕರ ಮನಸೆಳೆಯುತ್ತವೆ. ಹಿರಿಯ ಪತ್ರಕರ್ತ ಎಸ್.ನಾಗಣ್ಣ ಮಾತನಾಡಿ, ಬರಗೂರು ರಾಮಚಂದ್ರಪ್ಪ ಅವರ ಚಿತ್ರಗಳು ಸಾಮಾಜಿಕ ಬದ್ಧತೆ ಹೊಂದಿವೆ. ಸಮಾಜದಲ್ಲಿ ಸ್ತ್ರೀ ಸ್ವಾತಂತ್ರ್ಯ ಹಾಗೂ ಸಮಾನತೆಯ ಸಂದೇಶವನ್ನು ಸಾರುವ ಚಿತ್ರವಿದು ಎಂದರು. ಪ್ರಾಧ್ಯಾಪಕರಾದ ಡಾ. ಬಸವರಾಜು, ಡಾ. ಶಿವಕುಮಾರ್ ಮಾತನಾಡಿ ಚಿತ್ರದ ಕುರಿತು ಅಭಿಪ್ರಾಯ ಹಂಚಿಕೊಂಡರು. ಚಿತ್ರದ ನಿರ್ಮಾಪಕರು, ಕಲಾವಿದರು ಹಾಗೂ ತಂತ್ರಜ್ಞರನ್ನು ಅಭಿನಂದಿಸಲಾಯಿತು. ಸ್ವಪ್ನ ಮಂಟಪ ಚಿತ್ರವು ಅನೇಕ ಪ್ರಶಸ್ತಿಗಳನ್ನು ಗಳಿಸಿದೆ. ಸಮಾಜದ ಕನ್ನಡಿಯಂತೆ ಕೆಲಸ ಮಾಡುವ ಚಿತ್ರವಿದು ಎಂದು ಶ್ಲಾಘಿಸಿದರು.
ಸಂದೇಶವನ್ನು ಹಂದರವನ್ನು ಹೊಂದಿದೆ. ಸ್ವಪ್ನ ಮಂಟಪ ಜನಸಾಮಾನ್ಯರಿಗೆ ತಲುಪುವಂತಾಗಬೇಕು ಪದೇ ಪದೇ ಚಿತ್ರ ನೋಡುವ ಕುತೂಹಲವನ್ನು ಹಿಡಿದಿಟ್ಟು ಕೊಂಡಿದ್ದು ನಾಡೋಜ ಬರಗೂರು ರಾಮಚಂದ್ರಪ್ಪ ನವರು ಎಲ್ಲರೂ ಒಪ್ಪುವಂತಹ ಚಿತ್ರವನ್ನು ನೀಡಿದ್ದಾರೆ ಎಂದರು. ಬರಗೂರು ರಾಮಚಂದ್ರಪ್ಪ ಸ್ನೇಹ ಬಳಗದ ಉಪನ್ಯಾಸಕ ಗೋವಿಂದಯ್ಯನವರು ಮಾತನಾಡಿ ನಮ್ಮ ವ್ಯವಸ್ಥೆಯಲ್ಲಿ ನಡೆಯುವ ಹಲವಾರು ಸಂಘರ್ಷಗಳಿಗೆ ಚಿಕ್ಕ ರೂಪದಲ್ಲಿ ಚಿತ್ರವನ್ನು ನಿರ್ಮಾಣ ಮಾಡಿದ್ದು ಆಧುನಿಕ ಭಾರತೀಯ ವೈಶಿಷ್ಟ್ಯಗಳನ್ನು ನೀಡಿದೆ ಕಲಾತ್ಮಕ ಚಿತ್ರವನ್ನು ನೀಡಿದ್ದು ಸಿನಿಮಾ ಕ್ಷೇತ್ರಕ್ಕೆ ಕೊಡುಗೆ ನೀಡಿದ್ದಾರೆ. ಬರಗೂರು ಅವರ ಚಿತ್ರಗಳು ಕಲಾತ್ಮಕ ಮೌಲ್ಯ ಹೊಂದಿವೆ. ಕಾರ್ಯಕ್ರಮದಲ್ಲಿ ಬರಗೂರು ರಾಮಚಂದ್ರಪ್ಪ ಸ್ನೇಹ ಬಳಗದ ಪದಾಧಿಕಾರಿಗಳು, ಜಿಲ್ಲಾ ಲೇಖಕಿಯರ ಸಂಘದ ಸದಸ್ಯರು, ವಿದ್ಯಾರ್ಥಿಗಳು, ಕಲಾವಿದರು, ರಂಗಕರ್ಮಿಗಳು, ಲೇಖಕರು, ಸಾಹಿತಿಗಳು, ಸಿನಿಮಾ ಪ್ರೇಮಿಗಳು ಭಾಗವಹಿಸಿದ್ದರು. ಬರಗೂರು ಅವರ ಚಿತ್ರಗಳು ಸಮಾಜದ ಕನ್ನಡಿ ಎಂದು ಅಭಿಪ್ರಾಯಪಟ್ಟರು.
